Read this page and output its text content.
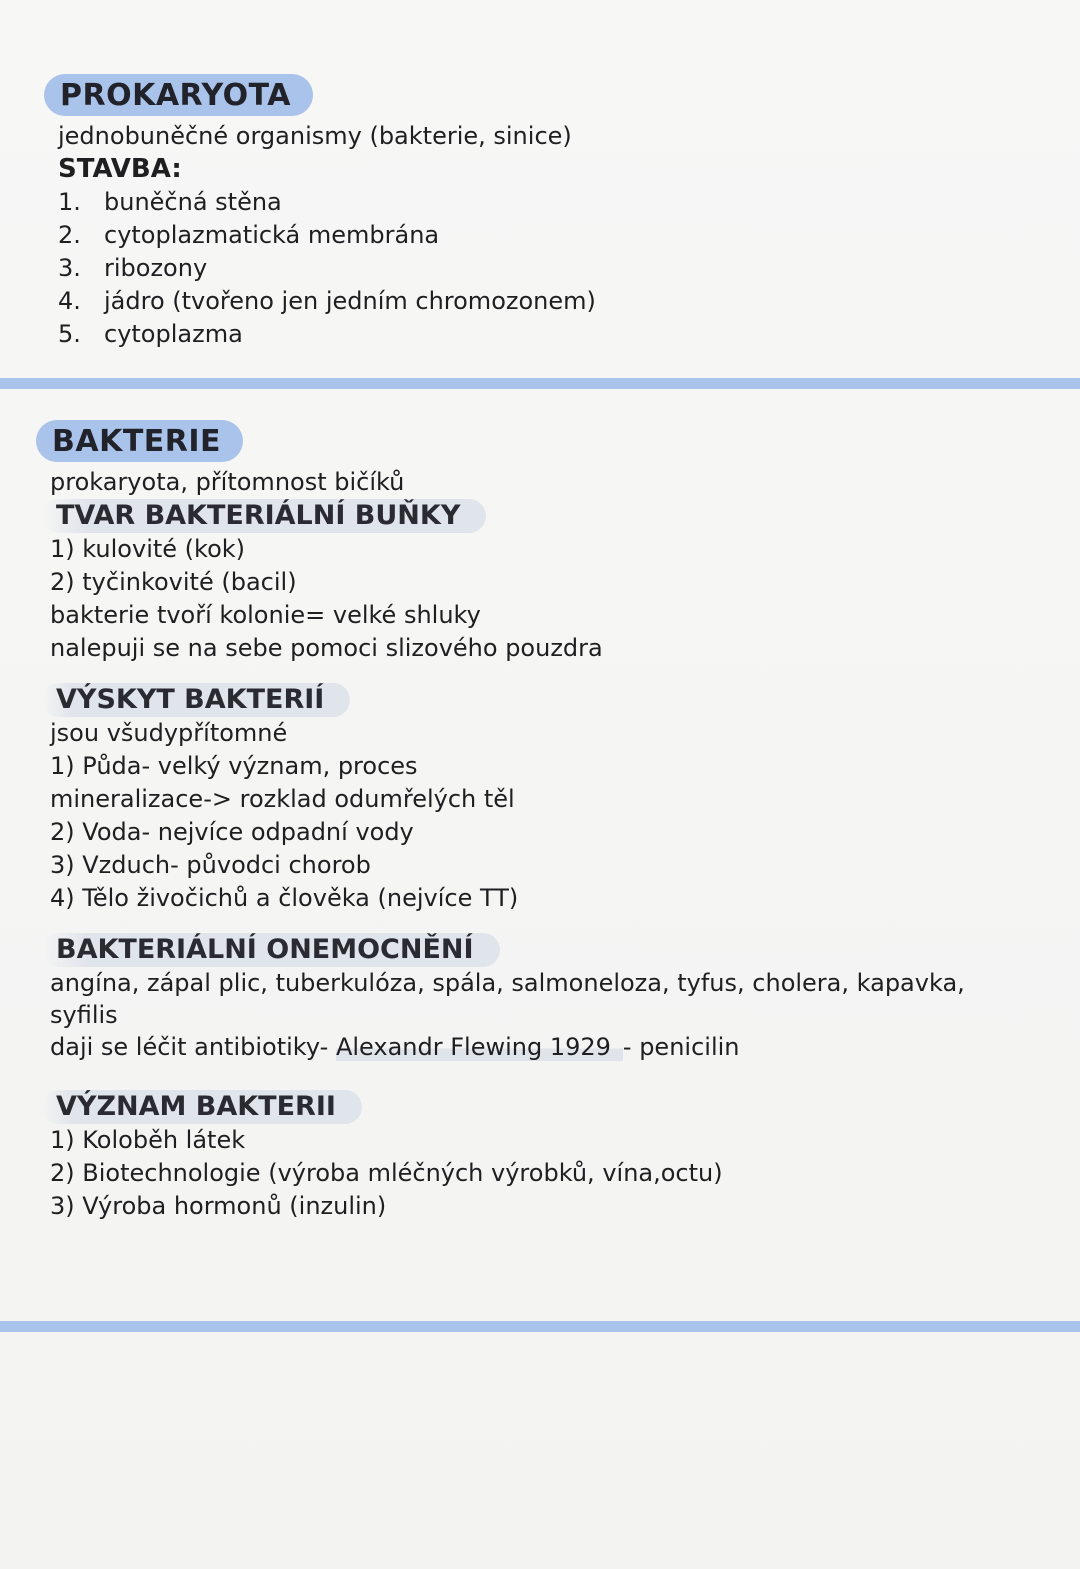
PROKARYOTA
jednobuněčné organismy (bakterie, sinice)
STAVBA:
1. buněčná stěna
2. cytoplazmatická membrána
3. ribozony
4. jádro (tvořeno jen jedním chromozonem)
5. cytoplazma
BAKTERIE
prokaryota, přítomnost bičíků
TVAR BAKTERIÁLNÍ BUŇKY
1) kulovité (kok)
2) tyčinkovité (bacil)
bakterie tvoří kolonie= velké shluky
nalepuji se na sebe pomoci slizového pouzdra
VÝSKYT BAKTERIÍ
jsou všudypřítomné
1) Půda- velký význam, proces
mineralizace-> rozklad odumřelých těl
2) Voda- nejvíce odpadní vody
3) Vzduch- původci chorob
4) Tělo živočichů a člověka (nejvíce TT)
BAKTERIÁLNÍ ONEMOCNĚNÍ
angína, zápal plic, tuberkulóza, spála, salmoneloza, tyfus, cholera, kapavka, syfilis
daji se léčit antibiotiky- Alexandr Flewing 1929 - penicilin
VÝZNAM BAKTERII
1) Koloběh látek
2) Biotechnologie (výroba mléčných výrobků, vína,octu)
3) Výroba hormonů (inzulin)
